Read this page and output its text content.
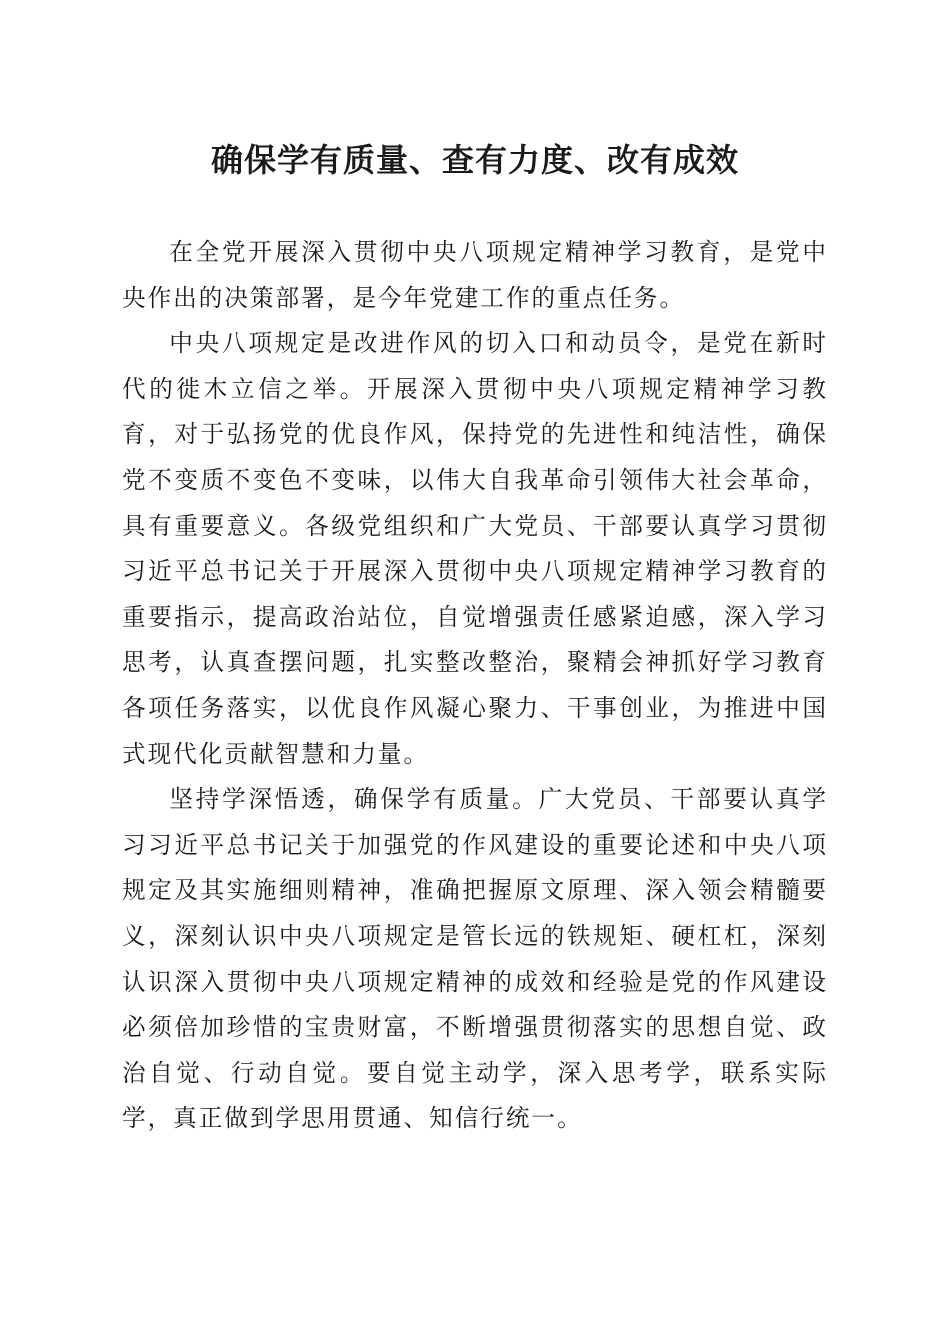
确保学有质量、查有力度、改有成效

在全党开展深入贯彻中央八项规定精神学习教育，是党中央作出的决策部署，是今年党建工作的重点任务。

中央八项规定是改进作风的切入口和动员令，是党在新时代的徙木立信之举。开展深入贯彻中央八项规定精神学习教育，对于弘扬党的优良作风，保持党的先进性和纯洁性，确保党不变质不变色不变味，以伟大自我革命引领伟大社会革命，具有重要意义。各级党组织和广大党员、干部要认真学习贯彻习近平总书记关于开展深入贯彻中央八项规定精神学习教育的重要指示，提高政治站位，自觉增强责任感紧迫感，深入学习思考，认真查摆问题，扎实整改整治，聚精会神抓好学习教育各项任务落实，以优良作风凝心聚力、干事创业，为推进中国式现代化贡献智慧和力量。

坚持学深悟透，确保学有质量。广大党员、干部要认真学习习近平总书记关于加强党的作风建设的重要论述和中央八项规定及其实施细则精神，准确把握原文原理、深入领会精髓要义，深刻认识中央八项规定是管长远的铁规矩、硬杠杠，深刻认识深入贯彻中央八项规定精神的成效和经验是党的作风建设必须倍加珍惜的宝贵财富，不断增强贯彻落实的思想自觉、政治自觉、行动自觉。要自觉主动学，深入思考学，联系实际学，真正做到学思用贯通、知信行统一。
